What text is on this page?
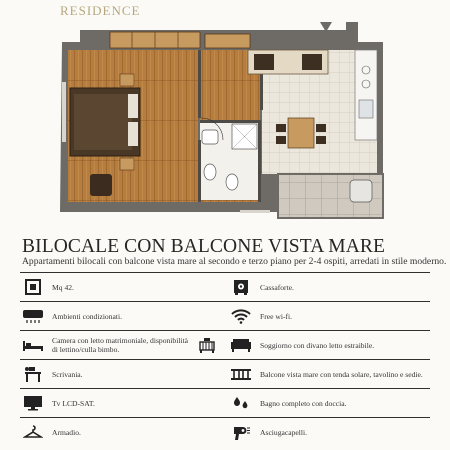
RESIDENCE
BILOCALE CON BALCONE VISTA MARE
Appartamenti bilocali con balcone vista mare al secondo e terzo piano per 2-4 ospiti, arredati in stile moderno.
Mq 42.	Cassaforte.
Ambienti condizionati.	Free wi-fi.
Camera con letto matrimoniale, disponibilità di lettino/culla bimbo.	Soggiorno con divano letto estraibile.
Scrivania.	Balcone vista mare con tenda solare, tavolino e sedie.
Tv LCD-SAT.	Bagno completo con doccia.
Armadio.	Asciugacapelli.
